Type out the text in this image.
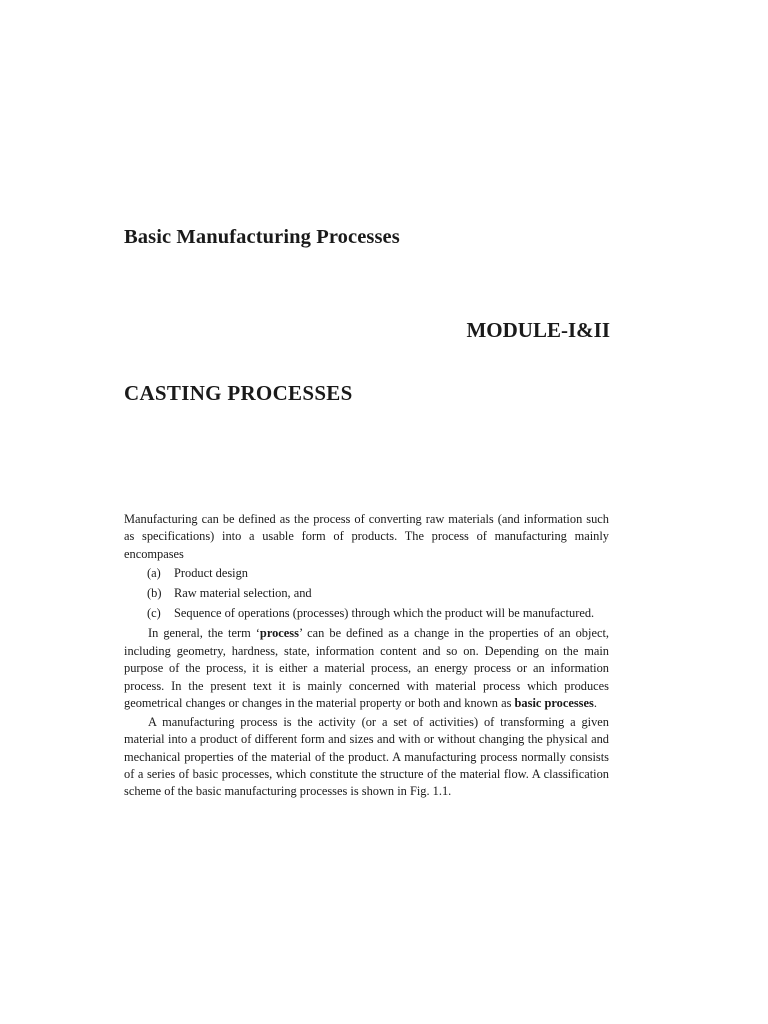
Basic Manufacturing Processes
MODULE-I&II
CASTING PROCESSES

Manufacturing can be defined as the process of converting raw materials (and information such as specifications) into a usable form of products. The process of manufacturing mainly encompases

(a)	Product design
(b)	Raw material selection, and
(c)	Sequence of operations (processes) through which the product will be manufactured.

In general, the term ‘process’ can be defined as a change in the properties of an object, including geometry, hardness, state, information content and so on. Depending on the main purpose of the process, it is either a material process, an energy process or an information process. In the present text it is mainly concerned with material process which produces geometrical changes or changes in the material property or both and known as basic processes.

A manufacturing process is the activity (or a set of activities) of transforming a given material into a product of different form and sizes and with or without changing the physical and mechanical properties of the material of the product. A manufacturing process normally consists of a series of basic processes, which constitute the structure of the material flow. A classification scheme of the basic manufacturing processes is shown in Fig. 1.1.
